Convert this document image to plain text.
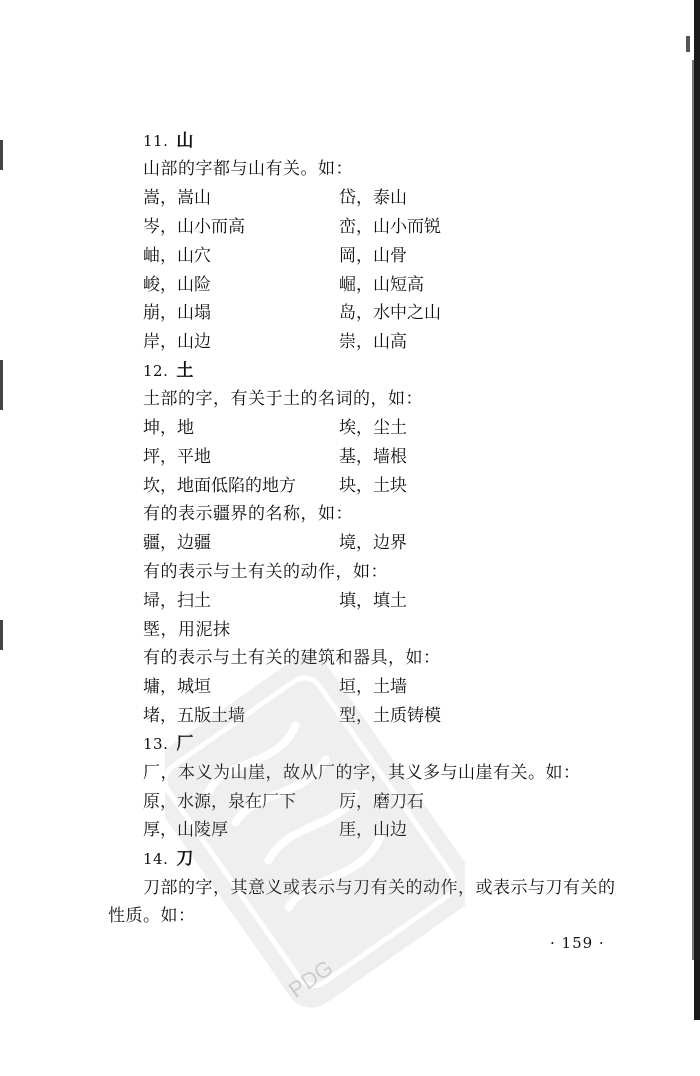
11. 山
山部的字都与山有关。如：
嵩，嵩山	岱，泰山
岑，山小而高	峦，山小而锐
岫，山穴	岡，山骨
峻，山险	崛，山短高
崩，山塌	岛，水中之山
岸，山边	崇，山高
12. 土
土部的字，有关于土的名词的，如：
坤，地	埃，尘土
坪，平地	基，墙根
坎，地面低陷的地方	块，土块
有的表示疆界的名称，如：
疆，边疆	境，边界
有的表示与土有关的动作，如：
埽，扫土	填，填土
塈，用泥抹
有的表示与土有关的建筑和器具，如：
墉，城垣	垣，土墙
堵，五版土墙	型，土质铸模
13. 厂
厂，本义为山崖，故从厂的字，其义多与山崖有关。如：
原，水源，泉在厂下	厉，磨刀石
厚，山陵厚	厓，山边
14. 刀
刀部的字，其意义或表示与刀有关的动作，或表示与刀有关的
性质。如：
· 159 ·
PDG
